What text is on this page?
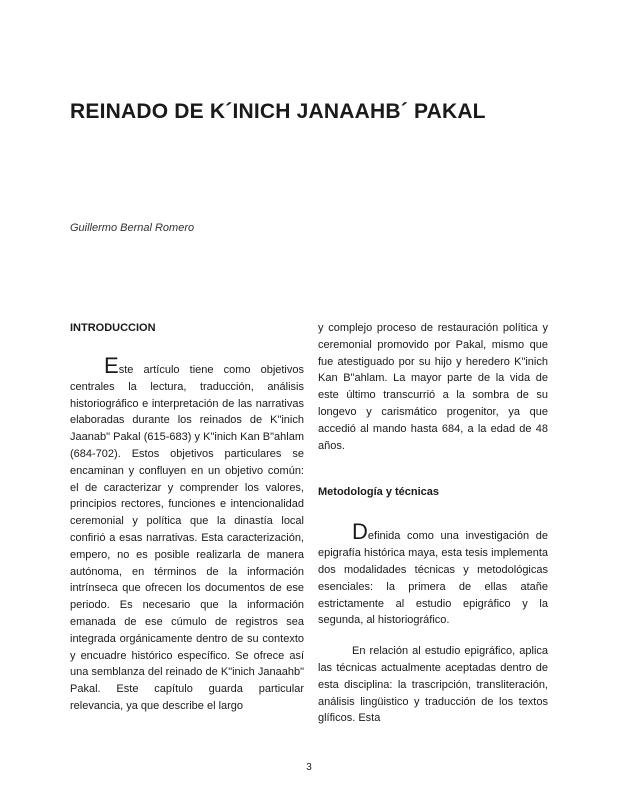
REINADO DE K´INICH JANAAHB´ PAKAL
Guillermo Bernal Romero
INTRODUCCION

Este artículo tiene como objetivos centrales la lectura, traducción, análisis historiográfico e interpretación de las narrativas elaboradas durante los reinados de K"inich Jaanab" Pakal (615-683) y K"inich Kan B"ahlam (684-702). Estos objetivos particulares se encaminan y confluyen en un objetivo común: el de caracterizar y comprender los valores, principios rectores, funciones e intencionalidad ceremonial y política que la dinastía local confirió a esas narrativas. Esta caracterización, empero, no es posible realizarla de manera autónoma, en términos de la información intrínseca que ofrecen los documentos de ese periodo. Es necesario que la información emanada de ese cúmulo de registros sea integrada orgánicamente dentro de su contexto y encuadre histórico específico. Se ofrece así una semblanza del reinado de K"inich Janaahb" Pakal. Este capítulo guarda particular relevancia, ya que describe el largo

y complejo proceso de restauración política y ceremonial promovido por Pakal, mismo que fue atestiguado por su hijo y heredero K"inich Kan B"ahlam. La mayor parte de la vida de este último transcurrió a la sombra de su longevo y carismático progenitor, ya que accedió al mando hasta 684, a la edad de 48 años.

Metodología y técnicas

Definida como una investigación de epigrafía histórica maya, esta tesis implementa dos modalidades técnicas y metodológicas esenciales: la primera de ellas atañe estrictamente al estudio epigráfico y la segunda, al historiográfico.

En relación al estudio epigráfico, aplica las técnicas actualmente aceptadas dentro de esta disciplina: la trascripción, transliteración, análisis lingüistico y traducción de los textos glíficos. Esta

3
